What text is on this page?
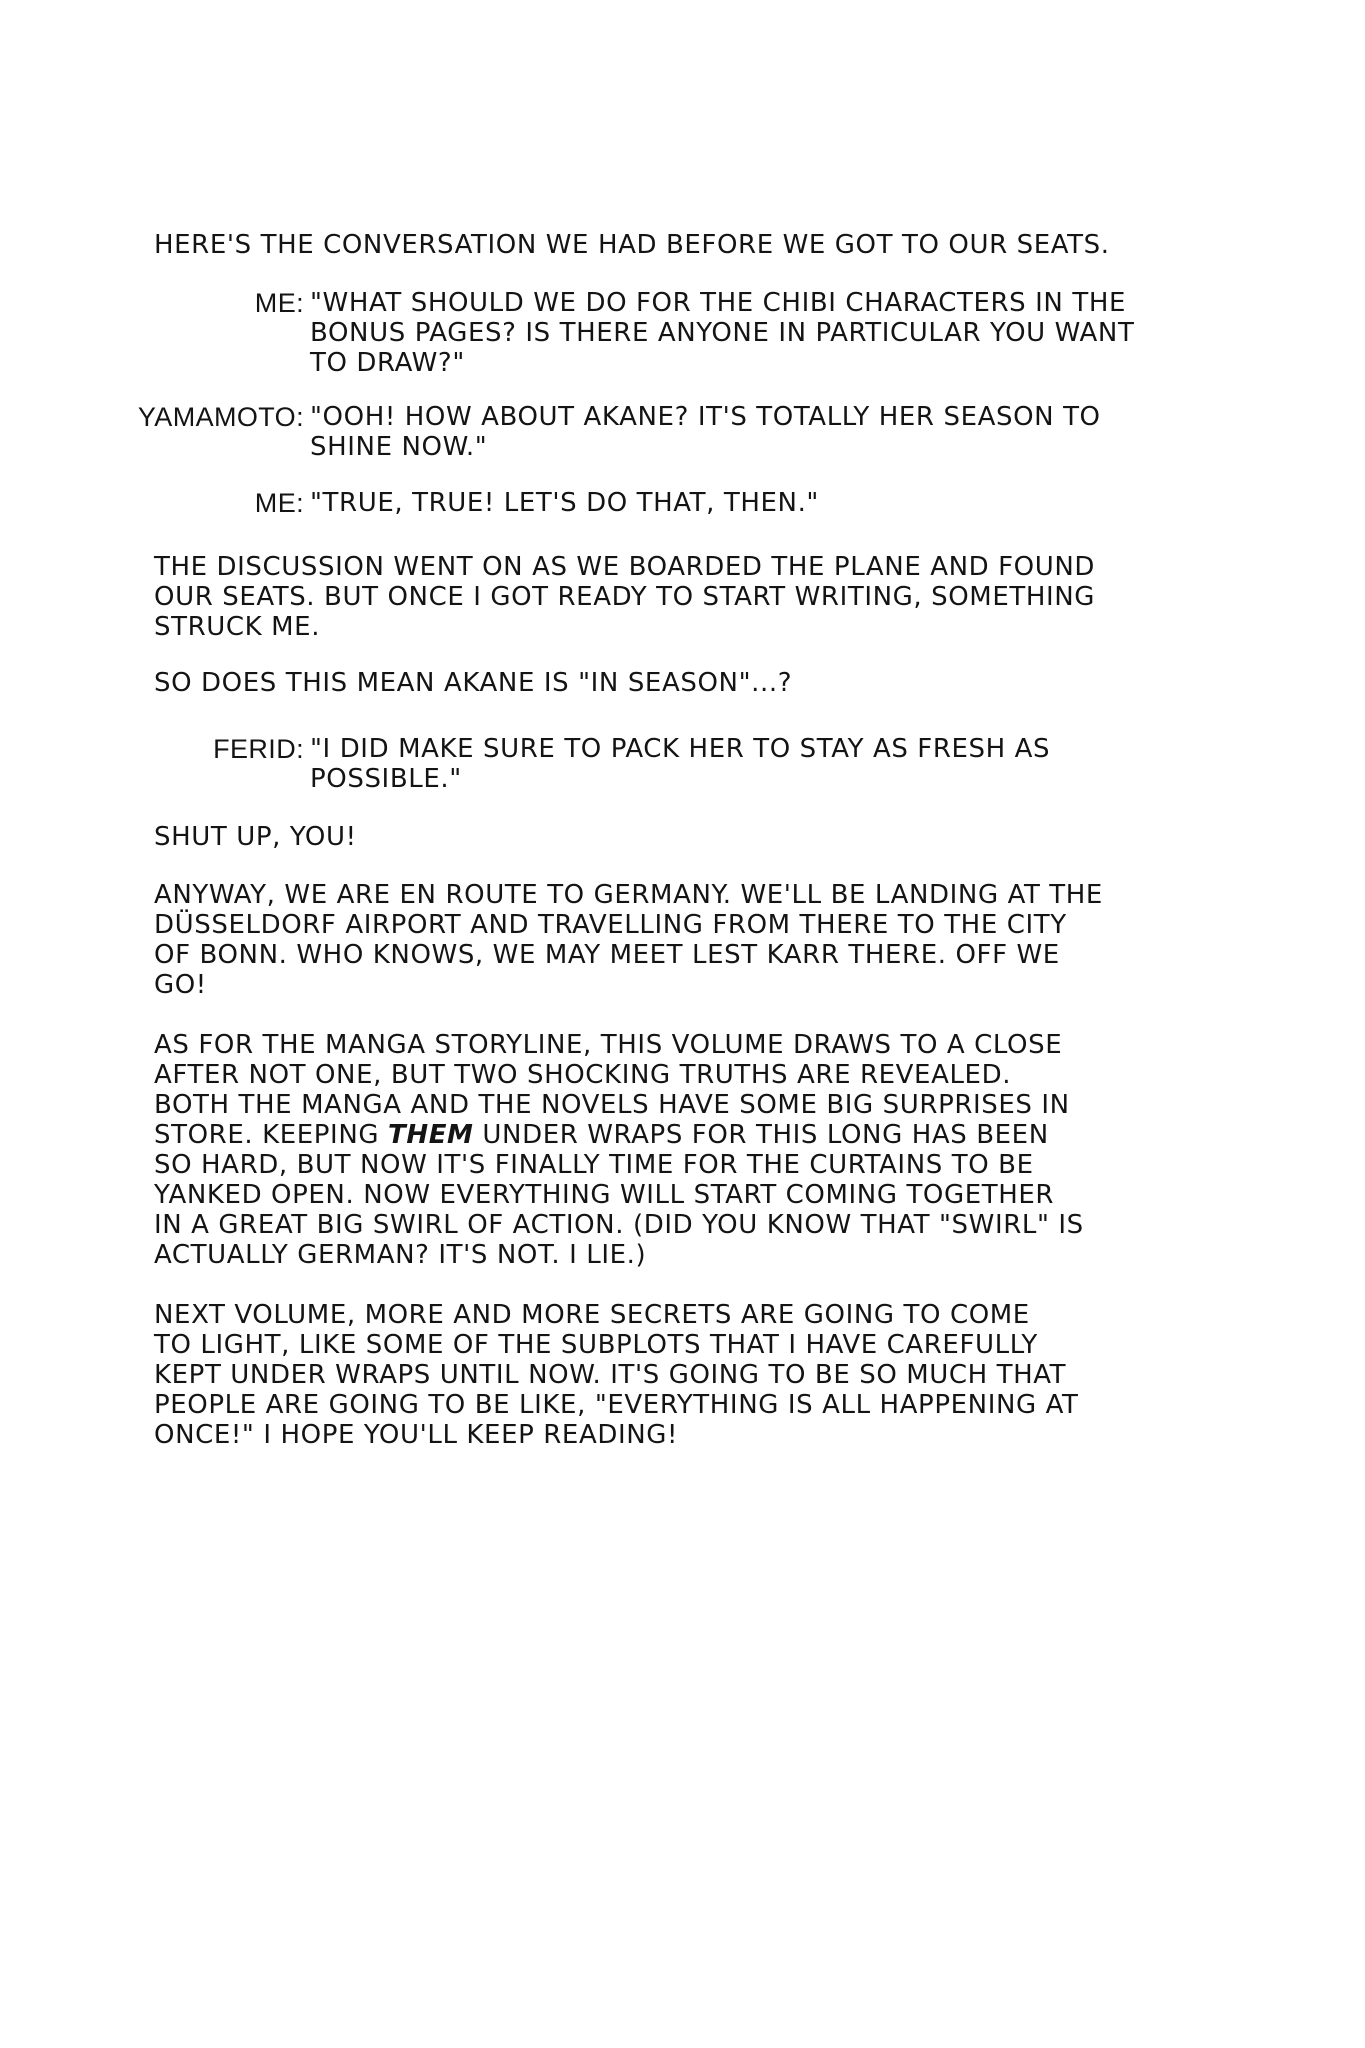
HERE'S THE CONVERSATION WE HAD BEFORE WE GOT TO OUR SEATS.

ME: "WHAT SHOULD WE DO FOR THE CHIBI CHARACTERS IN THE
BONUS PAGES? IS THERE ANYONE IN PARTICULAR YOU WANT
TO DRAW?"
YAMAMOTO: "OOH! HOW ABOUT AKANE? IT'S TOTALLY HER SEASON TO
SHINE NOW."
ME: "TRUE, TRUE! LET'S DO THAT, THEN."

THE DISCUSSION WENT ON AS WE BOARDED THE PLANE AND FOUND
OUR SEATS. BUT ONCE I GOT READY TO START WRITING, SOMETHING
STRUCK ME.

SO DOES THIS MEAN AKANE IS "IN SEASON"...?

FERID: "I DID MAKE SURE TO PACK HER TO STAY AS FRESH AS
POSSIBLE."

SHUT UP, YOU!

ANYWAY, WE ARE EN ROUTE TO GERMANY. WE'LL BE LANDING AT THE
DÜSSELDORF AIRPORT AND TRAVELLING FROM THERE TO THE CITY
OF BONN. WHO KNOWS, WE MAY MEET LEST KARR THERE. OFF WE
GO!

AS FOR THE MANGA STORYLINE, THIS VOLUME DRAWS TO A CLOSE
AFTER NOT ONE, BUT TWO SHOCKING TRUTHS ARE REVEALED.
BOTH THE MANGA AND THE NOVELS HAVE SOME BIG SURPRISES IN
STORE. KEEPING THEM UNDER WRAPS FOR THIS LONG HAS BEEN
SO HARD, BUT NOW IT'S FINALLY TIME FOR THE CURTAINS TO BE
YANKED OPEN. NOW EVERYTHING WILL START COMING TOGETHER
IN A GREAT BIG SWIRL OF ACTION. (DID YOU KNOW THAT "SWIRL" IS
ACTUALLY GERMAN? IT'S NOT. I LIE.)

NEXT VOLUME, MORE AND MORE SECRETS ARE GOING TO COME
TO LIGHT, LIKE SOME OF THE SUBPLOTS THAT I HAVE CAREFULLY
KEPT UNDER WRAPS UNTIL NOW. IT'S GOING TO BE SO MUCH THAT
PEOPLE ARE GOING TO BE LIKE, "EVERYTHING IS ALL HAPPENING AT
ONCE!" I HOPE YOU'LL KEEP READING!
